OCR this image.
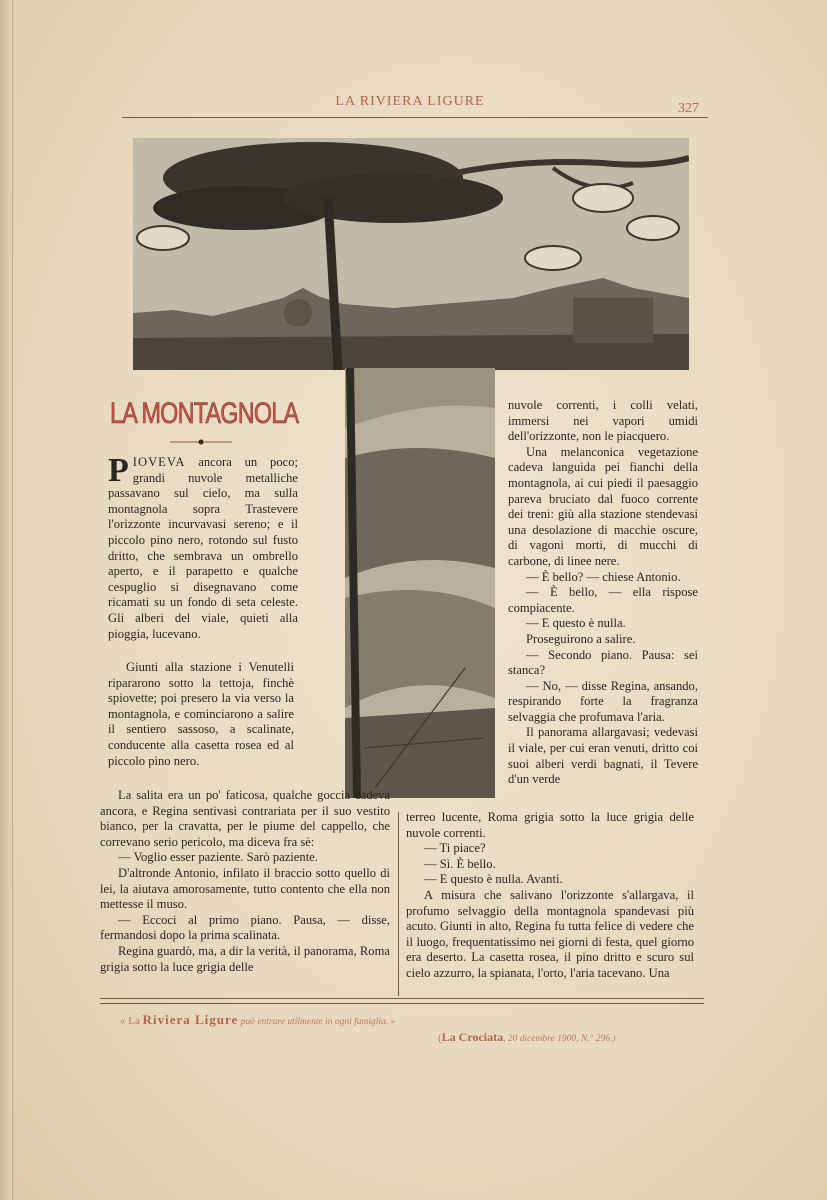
LA RIVIERA LIGURE	327
LA MONTAGNOLA

PIOVEVA ancora un poco; grandi nuvole metalliche passavano sul cielo, ma sulla montagnola sopra Trastevere l'orizzonte incurvavasi sereno; e il piccolo pino nero, rotondo sul fusto dritto, che sembrava un ombrello aperto, e il parapetto e qualche cespuglio si disegnavano come ricamati su un fondo di seta celeste. Gli alberi del viale, quieti alla pioggia, lucevano.

Giunti alla stazione i Venutelli ripararono sotto la tettoja, finchè spiovette; poi presero la via verso la montagnola, e cominciarono a salire il sentiero sassoso, a scalinate, conducente alla casetta rosea ed al piccolo pino nero.

nuvole correnti, i colli velati, immersi nei vapori umidi dell'orizzonte, non le piacquero.

Una melanconica vegetazione cadeva languida pei fianchi della montagnola, ai cui piedi il paesaggio pareva bruciato dal fuoco corrente dei treni: giù alla stazione stendevasi una desolazione di macchie oscure, di vagoni morti, di mucchi di carbone, di linee nere.

— È bello? — chiese Antonio.

— È bello, — ella rispose compiacente.

— E questo è nulla.

Proseguirono a salire.

— Secondo piano. Pausa: sei stanca?

— No, — disse Regina, ansando, respirando forte la fragranza selvaggia che profumava l'aria.

Il panorama allargavasi; vedevasi il viale, per cui eran venuti, dritto coi suoi alberi verdi bagnati, il Tevere d'un verde

La salita era un po' faticosa, qualche goccia cadeva ancora, e Regina sentivasi contrariata per il suo vestito bianco, per la cravatta, per le piume del cappello, che correvano serio pericolo, ma diceva fra sè:

— Voglio esser paziente. Sarò paziente.

D'altronde Antonio, infilato il braccio sotto quello di lei, la aiutava amorosamente, tutto contento che ella non mettesse il muso.

— Eccoci al primo piano. Pausa, — disse, fermandosi dopo la prima scalinata.

Regina guardò, ma, a dir la verità, il panorama, Roma grigia sotto la luce grigia delle

terreo lucente, Roma grigia sotto la luce grigia delle nuvole correnti.

— Ti piace?

— Sì. È bello.

— E questo è nulla. Avanti.

A misura che salivano l'orizzonte s'allargava, il profumo selvaggio della montagnola spandevasi più acuto. Giunti in alto, Regina fu tutta felice di vedere che il luogo, frequentatissimo nei giorni di festa, quel giorno era deserto. La casetta rosea, il pino dritto e scuro sul cielo azzurro, la spianata, l'orto, l'aria tacevano. Una

« La Riviera Ligure può entrare utilmente in ogni famiglia. »
(La Crociata, 20 dicembre 1900, N.° 296.)
